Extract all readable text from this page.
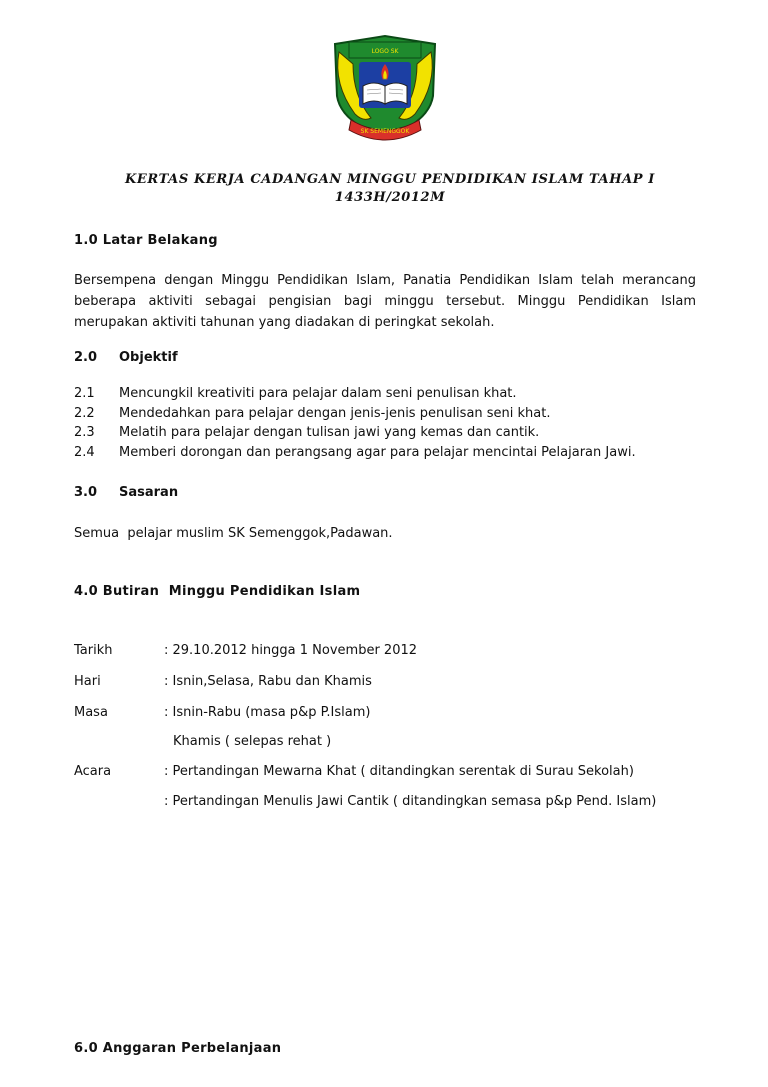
LOGO SK
SK SEMENGGOK
KERTAS KERJA CADANGAN MINGGU PENDIDIKAN ISLAM TAHAP I
1433H/2012M
1.0 Latar Belakang
Bersempena dengan Minggu Pendidikan Islam, Panatia Pendidikan Islam telah merancang beberapa aktiviti sebagai pengisian bagi minggu tersebut. Minggu Pendidikan Islam merupakan aktiviti tahunan yang diadakan di peringkat sekolah.
2.0 Objektif
2.1 Mencungkil kreativiti para pelajar dalam seni penulisan khat.
2.2 Mendedahkan para pelajar dengan jenis-jenis penulisan seni khat.
2.3 Melatih para pelajar dengan tulisan jawi yang kemas dan cantik.
2.4 Memberi dorongan dan perangsang agar para pelajar mencintai Pelajaran Jawi.
3.0 Sasaran
Semua  pelajar muslim SK Semenggok,Padawan.
4.0 Butiran  Minggu Pendidikan Islam
Tarikh	: 29.10.2012 hingga 1 November 2012
Hari	: Isnin,Selasa, Rabu dan Khamis
Masa	: Isnin-Rabu (masa p&p P.Islam)
Khamis ( selepas rehat )
Acara	: Pertandingan Mewarna Khat ( ditandingkan serentak di Surau Sekolah)
: Pertandingan Menulis Jawi Cantik ( ditandingkan semasa p&p Pend. Islam)
6.0 Anggaran Perbelanjaan
